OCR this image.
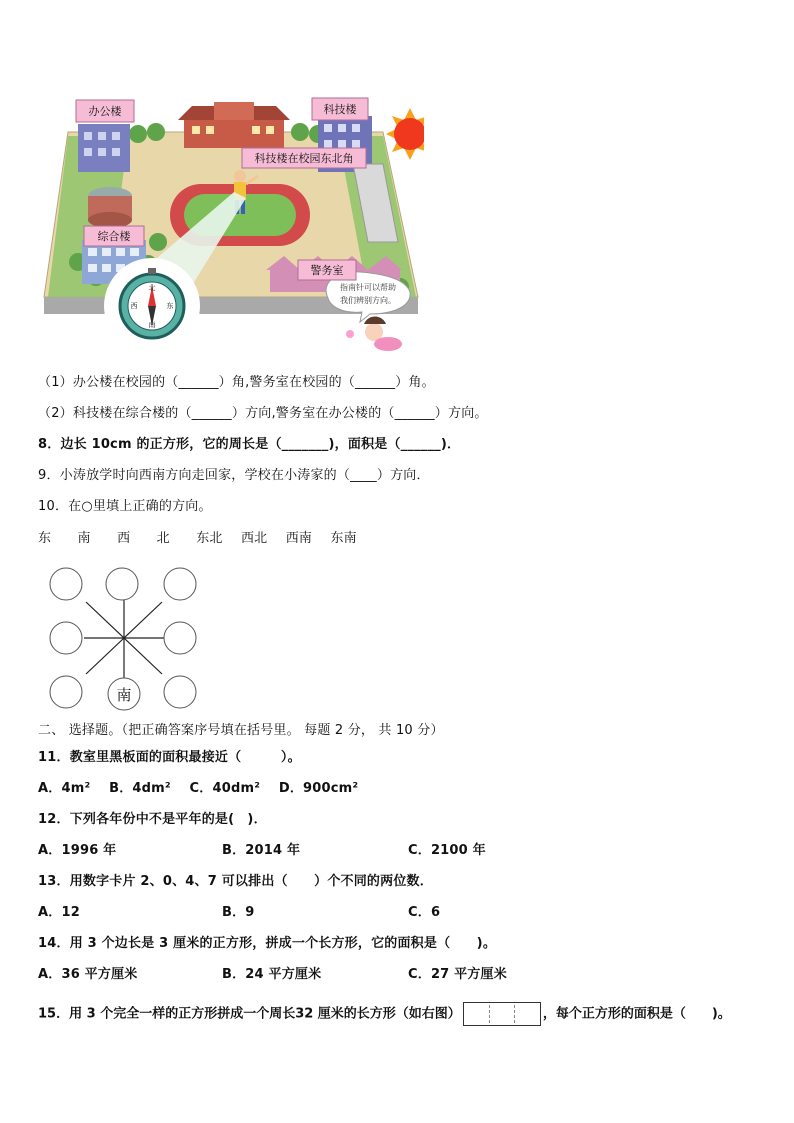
北
东
南
西
指南针可以帮助
我们辨别方向。
办公楼	科技楼
科技楼在校园东北角
综合楼
警务室
（1）办公楼在校园的（______）角,警务室在校园的（______）角。
（2）科技楼在综合楼的（______）方向,警务室在办公楼的（______）方向。
8．边长 10cm 的正方形，它的周长是（_______)，面积是（______)．
9．小涛放学时向西南方向走回家，学校在小涛家的（____）方向．
10．在○里填上正确的方向。
东 南 西 北 东北 西北 西南 东南
南
二、 选择题。（把正确答案序号填在括号里。 每题 2 分， 共 10 分）
11．教室里黑板面的面积最接近（　　　）。
A．4m² B．4dm² C．40dm² D．900cm²
12．下列各年份中不是平年的是(　)．
A．1996 年	B．2014 年	C．2100 年
13．用数字卡片 2、0、4、7 可以排出（　　）个不同的两位数．
A．12	B．9	C．6
14．用 3 个边长是 3 厘米的正方形，拼成一个长方形，它的面积是（　　)。
A．36 平方厘米	B．24 平方厘米	C．27 平方厘米
15．用 3 个完全一样的正方形拼成一个周长32 厘米的长方形（如右图）	，每个正方形的面积是（　　)。
